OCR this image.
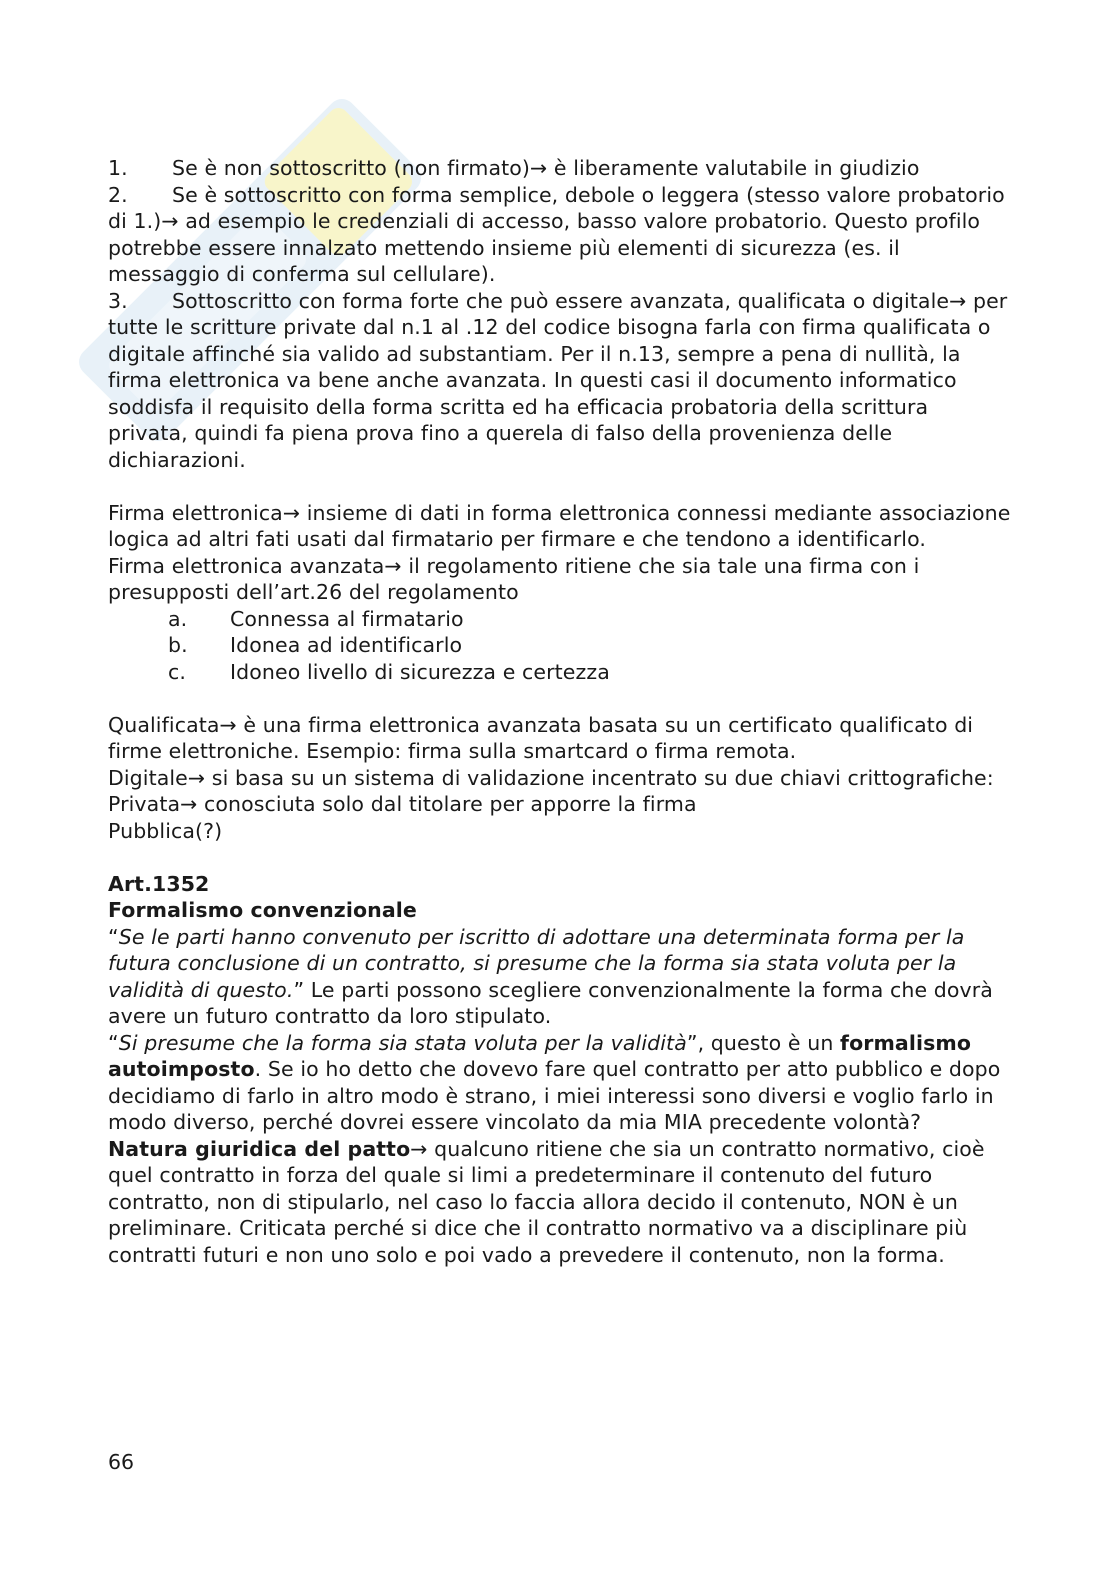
1. Se è non sottoscritto (non firmato)→ è liberamente valutabile in giudizio

2. Se è sottoscritto con forma semplice, debole o leggera (stesso valore probatorio di 1.)→ ad esempio le credenziali di accesso, basso valore probatorio. Questo profilo potrebbe essere innalzato mettendo insieme più elementi di sicurezza (es. il messaggio di conferma sul cellulare).

3. Sottoscritto con forma forte che può essere avanzata, qualificata o digitale→ per tutte le scritture private dal n.1 al .12 del codice bisogna farla con firma qualificata o digitale affinché sia valido ad substantiam. Per il n.13, sempre a pena di nullità, la firma elettronica va bene anche avanzata. In questi casi il documento informatico soddisfa il requisito della forma scritta ed ha efficacia probatoria della scrittura privata, quindi fa piena prova fino a querela di falso della provenienza delle dichiarazioni.

Firma elettronica→ insieme di dati in forma elettronica connessi mediante associazione logica ad altri fati usati dal firmatario per firmare e che tendono a identificarlo.

Firma elettronica avanzata→ il regolamento ritiene che sia tale una firma con i presupposti dell’art.26 del regolamento

a. Connessa al firmatario

b. Idonea ad identificarlo

c. Idoneo livello di sicurezza e certezza

Qualificata→ è una firma elettronica avanzata basata su un certificato qualificato di firme elettroniche. Esempio: firma sulla smartcard o firma remota.

Digitale→ si basa su un sistema di validazione incentrato su due chiavi crittografiche:

Privata→ conosciuta solo dal titolare per apporre la firma

Pubblica(?)

Art.1352

Formalismo convenzionale

“Se le parti hanno convenuto per iscritto di adottare una determinata forma per la futura conclusione di un contratto, si presume che la forma sia stata voluta per la validità di questo.” Le parti possono scegliere convenzionalmente la forma che dovrà avere un futuro contratto da loro stipulato.

“Si presume che la forma sia stata voluta per la validità”, questo è un formalismo autoimposto. Se io ho detto che dovevo fare quel contratto per atto pubblico e dopo decidiamo di farlo in altro modo è strano, i miei interessi sono diversi e voglio farlo in modo diverso, perché dovrei essere vincolato da mia MIA precedente volontà?

Natura giuridica del patto→ qualcuno ritiene che sia un contratto normativo, cioè quel contratto in forza del quale si limi a predeterminare il contenuto del futuro contratto, non di stipularlo, nel caso lo faccia allora decido il contenuto, NON è un preliminare. Criticata perché si dice che il contratto normativo va a disciplinare più contratti futuri e non uno solo e poi vado a prevedere il contenuto, non la forma.

66
